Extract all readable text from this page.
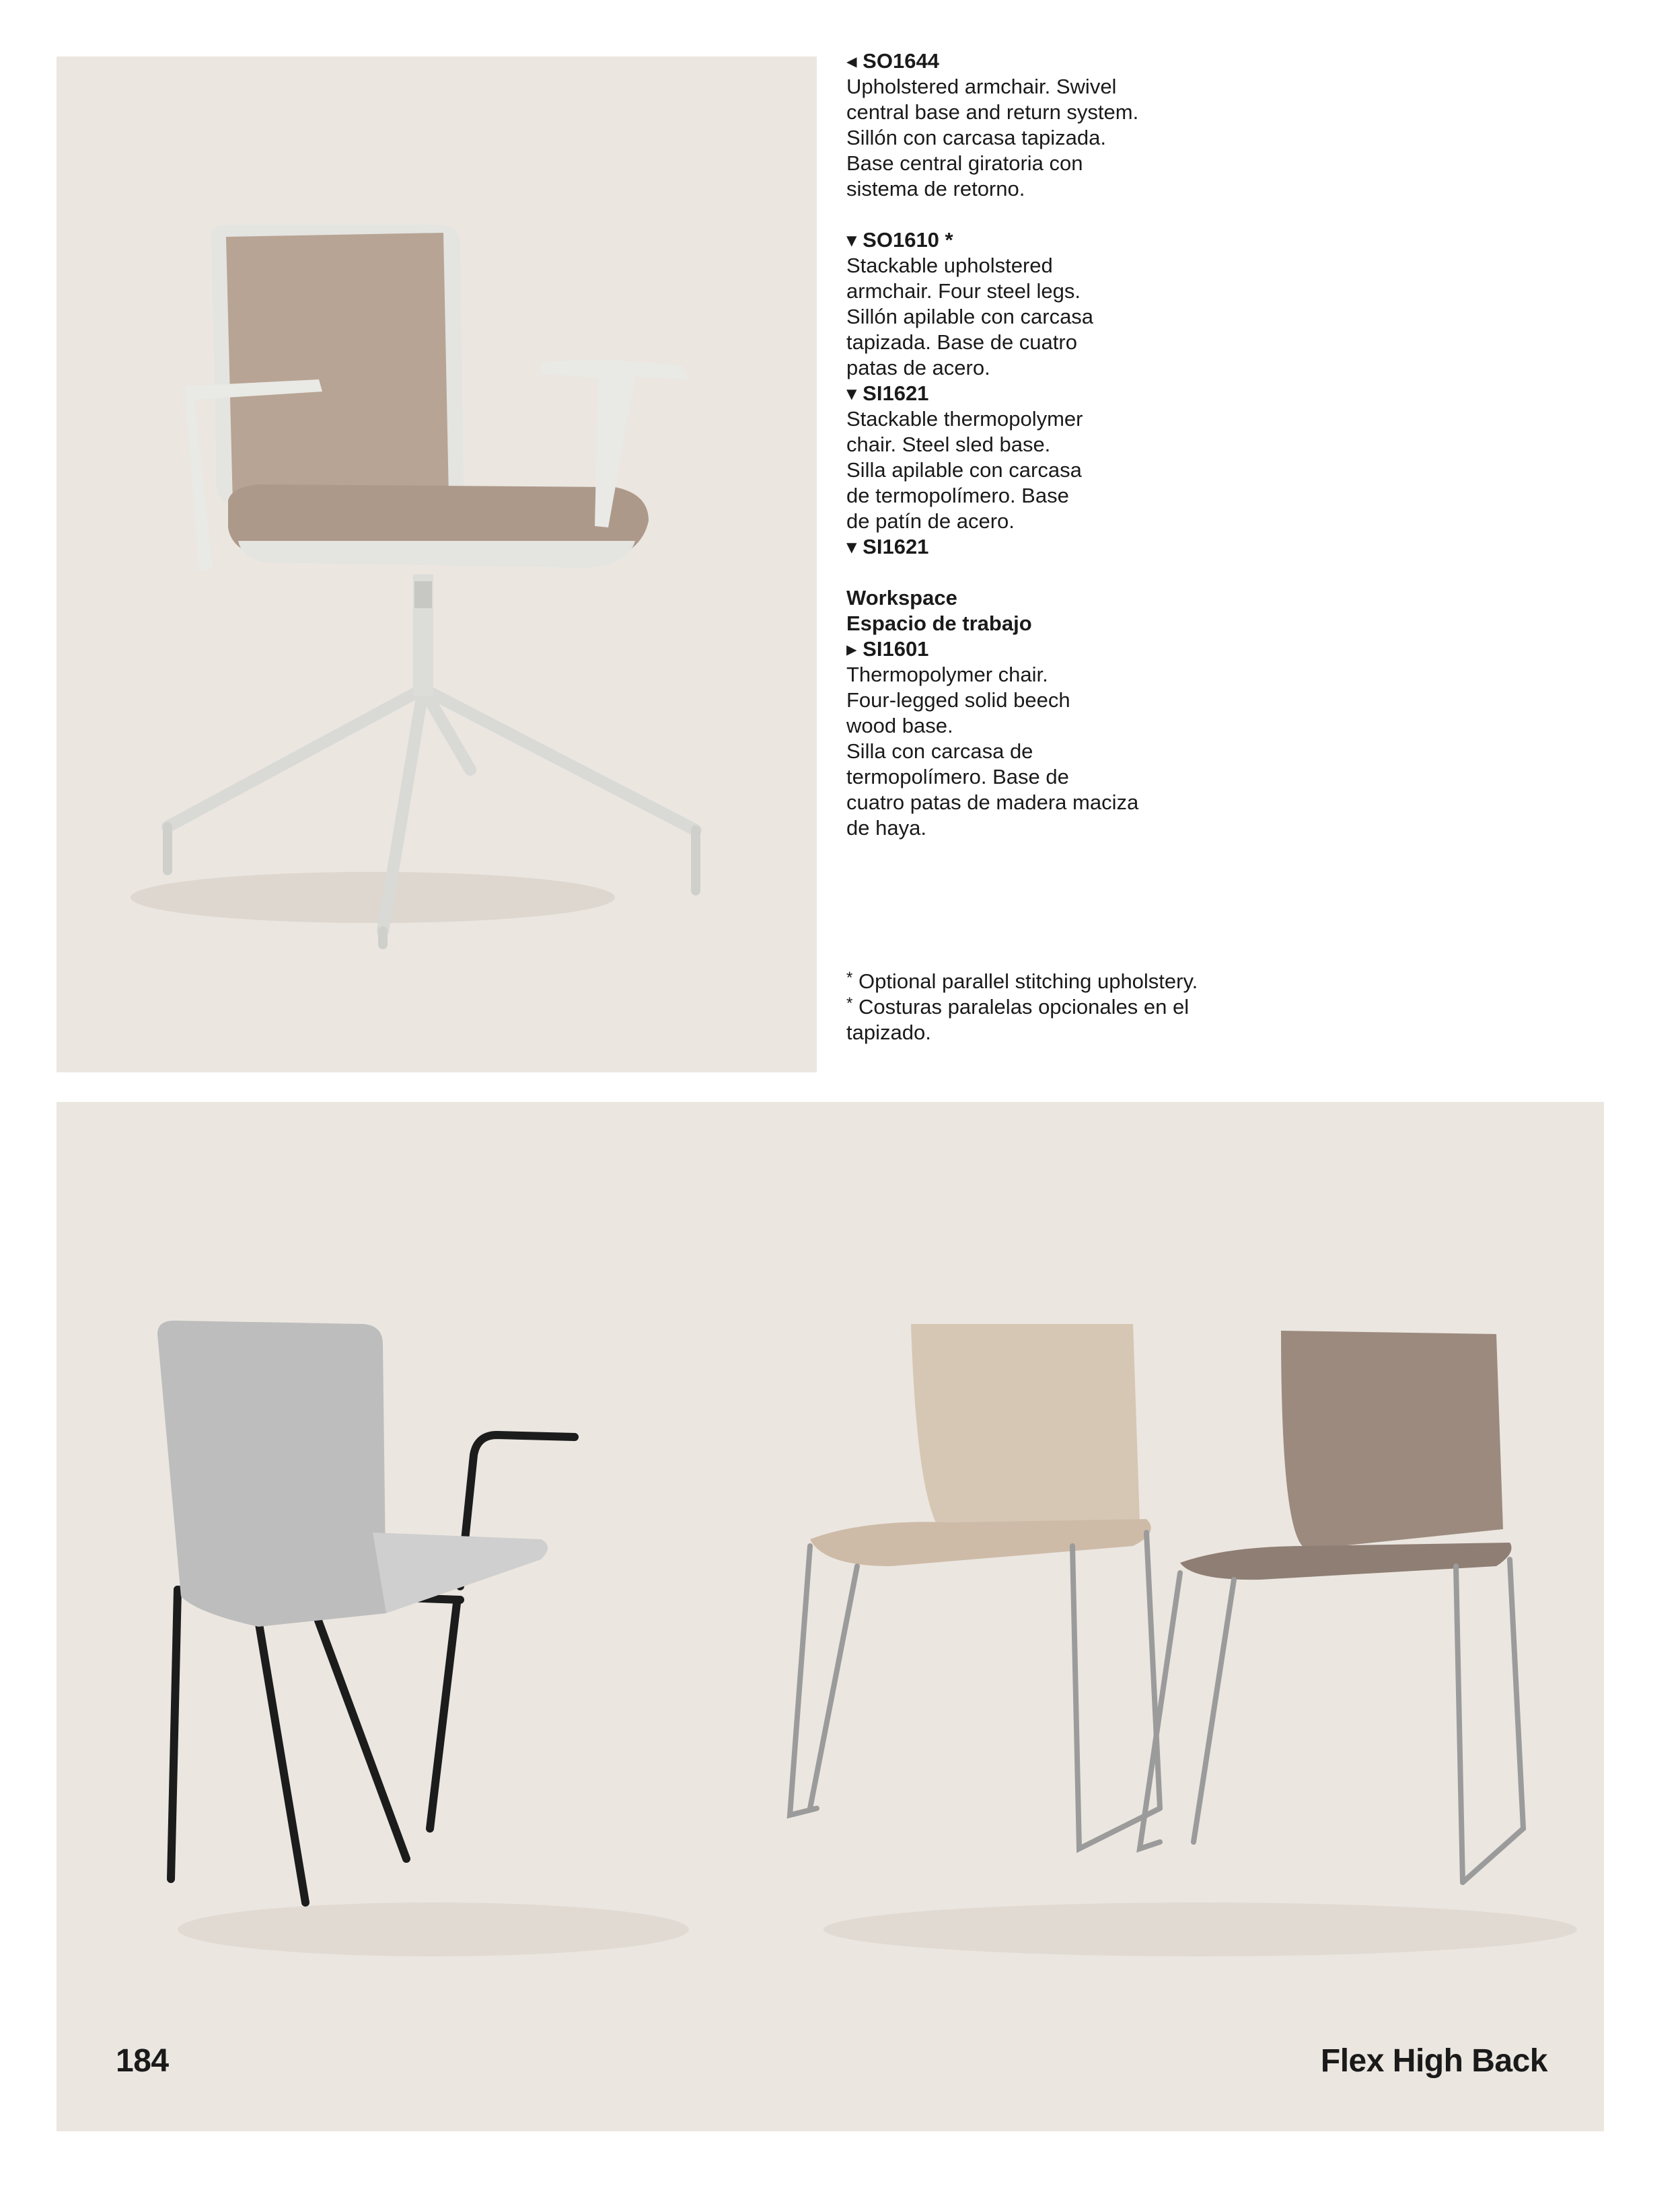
◂ SO1644
Upholstered armchair. Swivel
central base and return system.
Sillón con carcasa tapizada.
Base central giratoria con
sistema de retorno.
▾ SO1610 *
Stackable upholstered
armchair. Four steel legs.
Sillón apilable con carcasa
tapizada. Base de cuatro
patas de acero.
▾ SI1621
Stackable thermopolymer
chair. Steel sled base.
Silla apilable con carcasa
de termopolímero. Base
de patín de acero.
▾ SI1621
Workspace
Espacio de trabajo
▸ SI1601
Thermopolymer chair.
Four-legged solid beech
wood base.
Silla con carcasa de
termopolímero. Base de
cuatro patas de madera maciza
de haya.
* Optional parallel stitching upholstery.
* Costuras paralelas opcionales en el tapizado.
184	Flex High Back
